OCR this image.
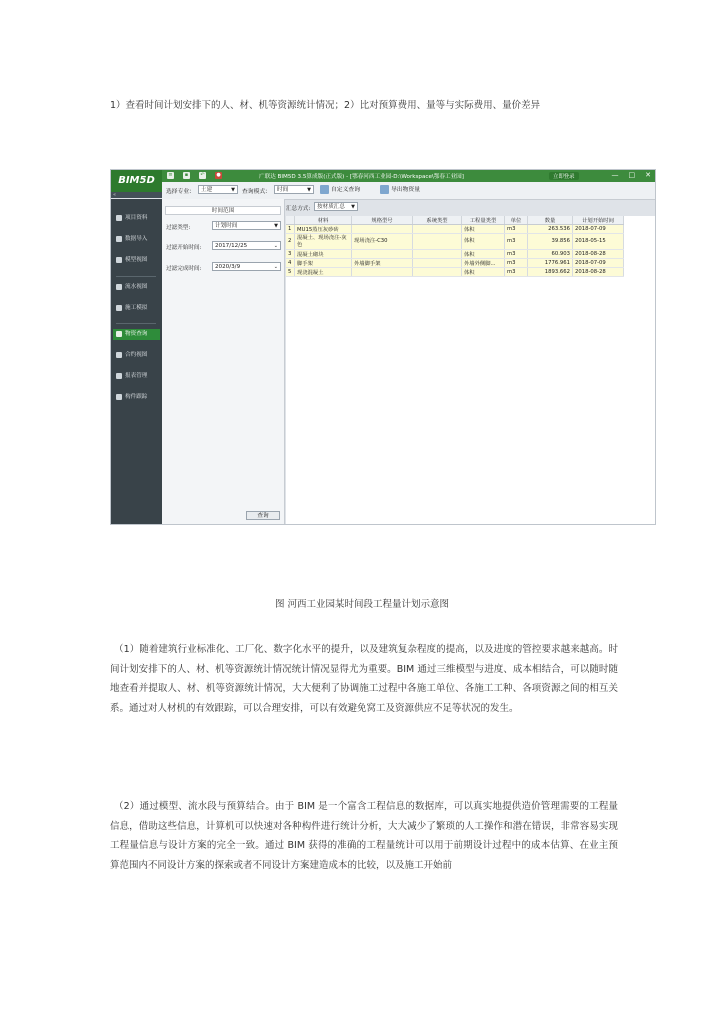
1）查看时间计划安排下的人、材、机等资源统计情况；2）比对预算费用、量等与实际费用、量价差异
≡	▪	↶ ●	广联达 BIM5D 3.5算成版(正式版) - [鄂春河西工业园-D:\Workspace\鄂春工业园]	立即登录	— □ ✕
BIM5D
«	选择专业:	土建	▼ 查询模式:	时间	▼	自定义查询	导出物资量
项目资料
数据导入
模型视图
流水视图
施工模拟
物资查询
合约视图
报表管理
构件跟踪
时间范围
过滤类型:	计划时间	▼
过滤开始时间:	2017/12/25	⌄
过滤完成时间:	2020/3/9	⌄
查询
汇总方式:	按材质汇总 ▼
	材料	规格型号	系统类型	工程量类型	单位	数量	计划开始时间
1	MU15蒸压灰砂砖			体积	m3	263.536	2018-07-09
2	混凝土、现场浇注-灰色	现场浇注-C30		体积	m3	39.856	2018-05-15
3	混凝土砌块			体积	m3	60.903	2018-08-28
4	脚手架	外墙脚手架		外墙外侧脚...	m3	1776.961	2018-07-09
5	现浇混凝土			体积	m3	1893.662	2018-08-28
图 河西工业园某时间段工程量计划示意图
（1）随着建筑行业标准化、工厂化、数字化水平的提升，以及建筑复杂程度的提高，以及进度的管控要求越来越高。时间计划安排下的人、材、机等资源统计情况统计情况显得尤为重要。BIM 通过三维模型与进度、成本相结合，可以随时随地查看并提取人、材、机等资源统计情况，大大便利了协调施工过程中各施工单位、各施工工种、各项资源之间的相互关系。通过对人材机的有效跟踪，可以合理安排，可以有效避免窝工及资源供应不足等状况的发生。
（2）通过模型、流水段与预算结合。由于 BIM 是一个富含工程信息的数据库，可以真实地提供造价管理需要的工程量信息，借助这些信息，计算机可以快速对各种构件进行统计分析，大大减少了繁琐的人工操作和潜在错误，非常容易实现工程量信息与设计方案的完全一致。通过 BIM 获得的准确的工程量统计可以用于前期设计过程中的成本估算、在业主预算范围内不同设计方案的探索或者不同设计方案建造成本的比较，以及施工开始前
